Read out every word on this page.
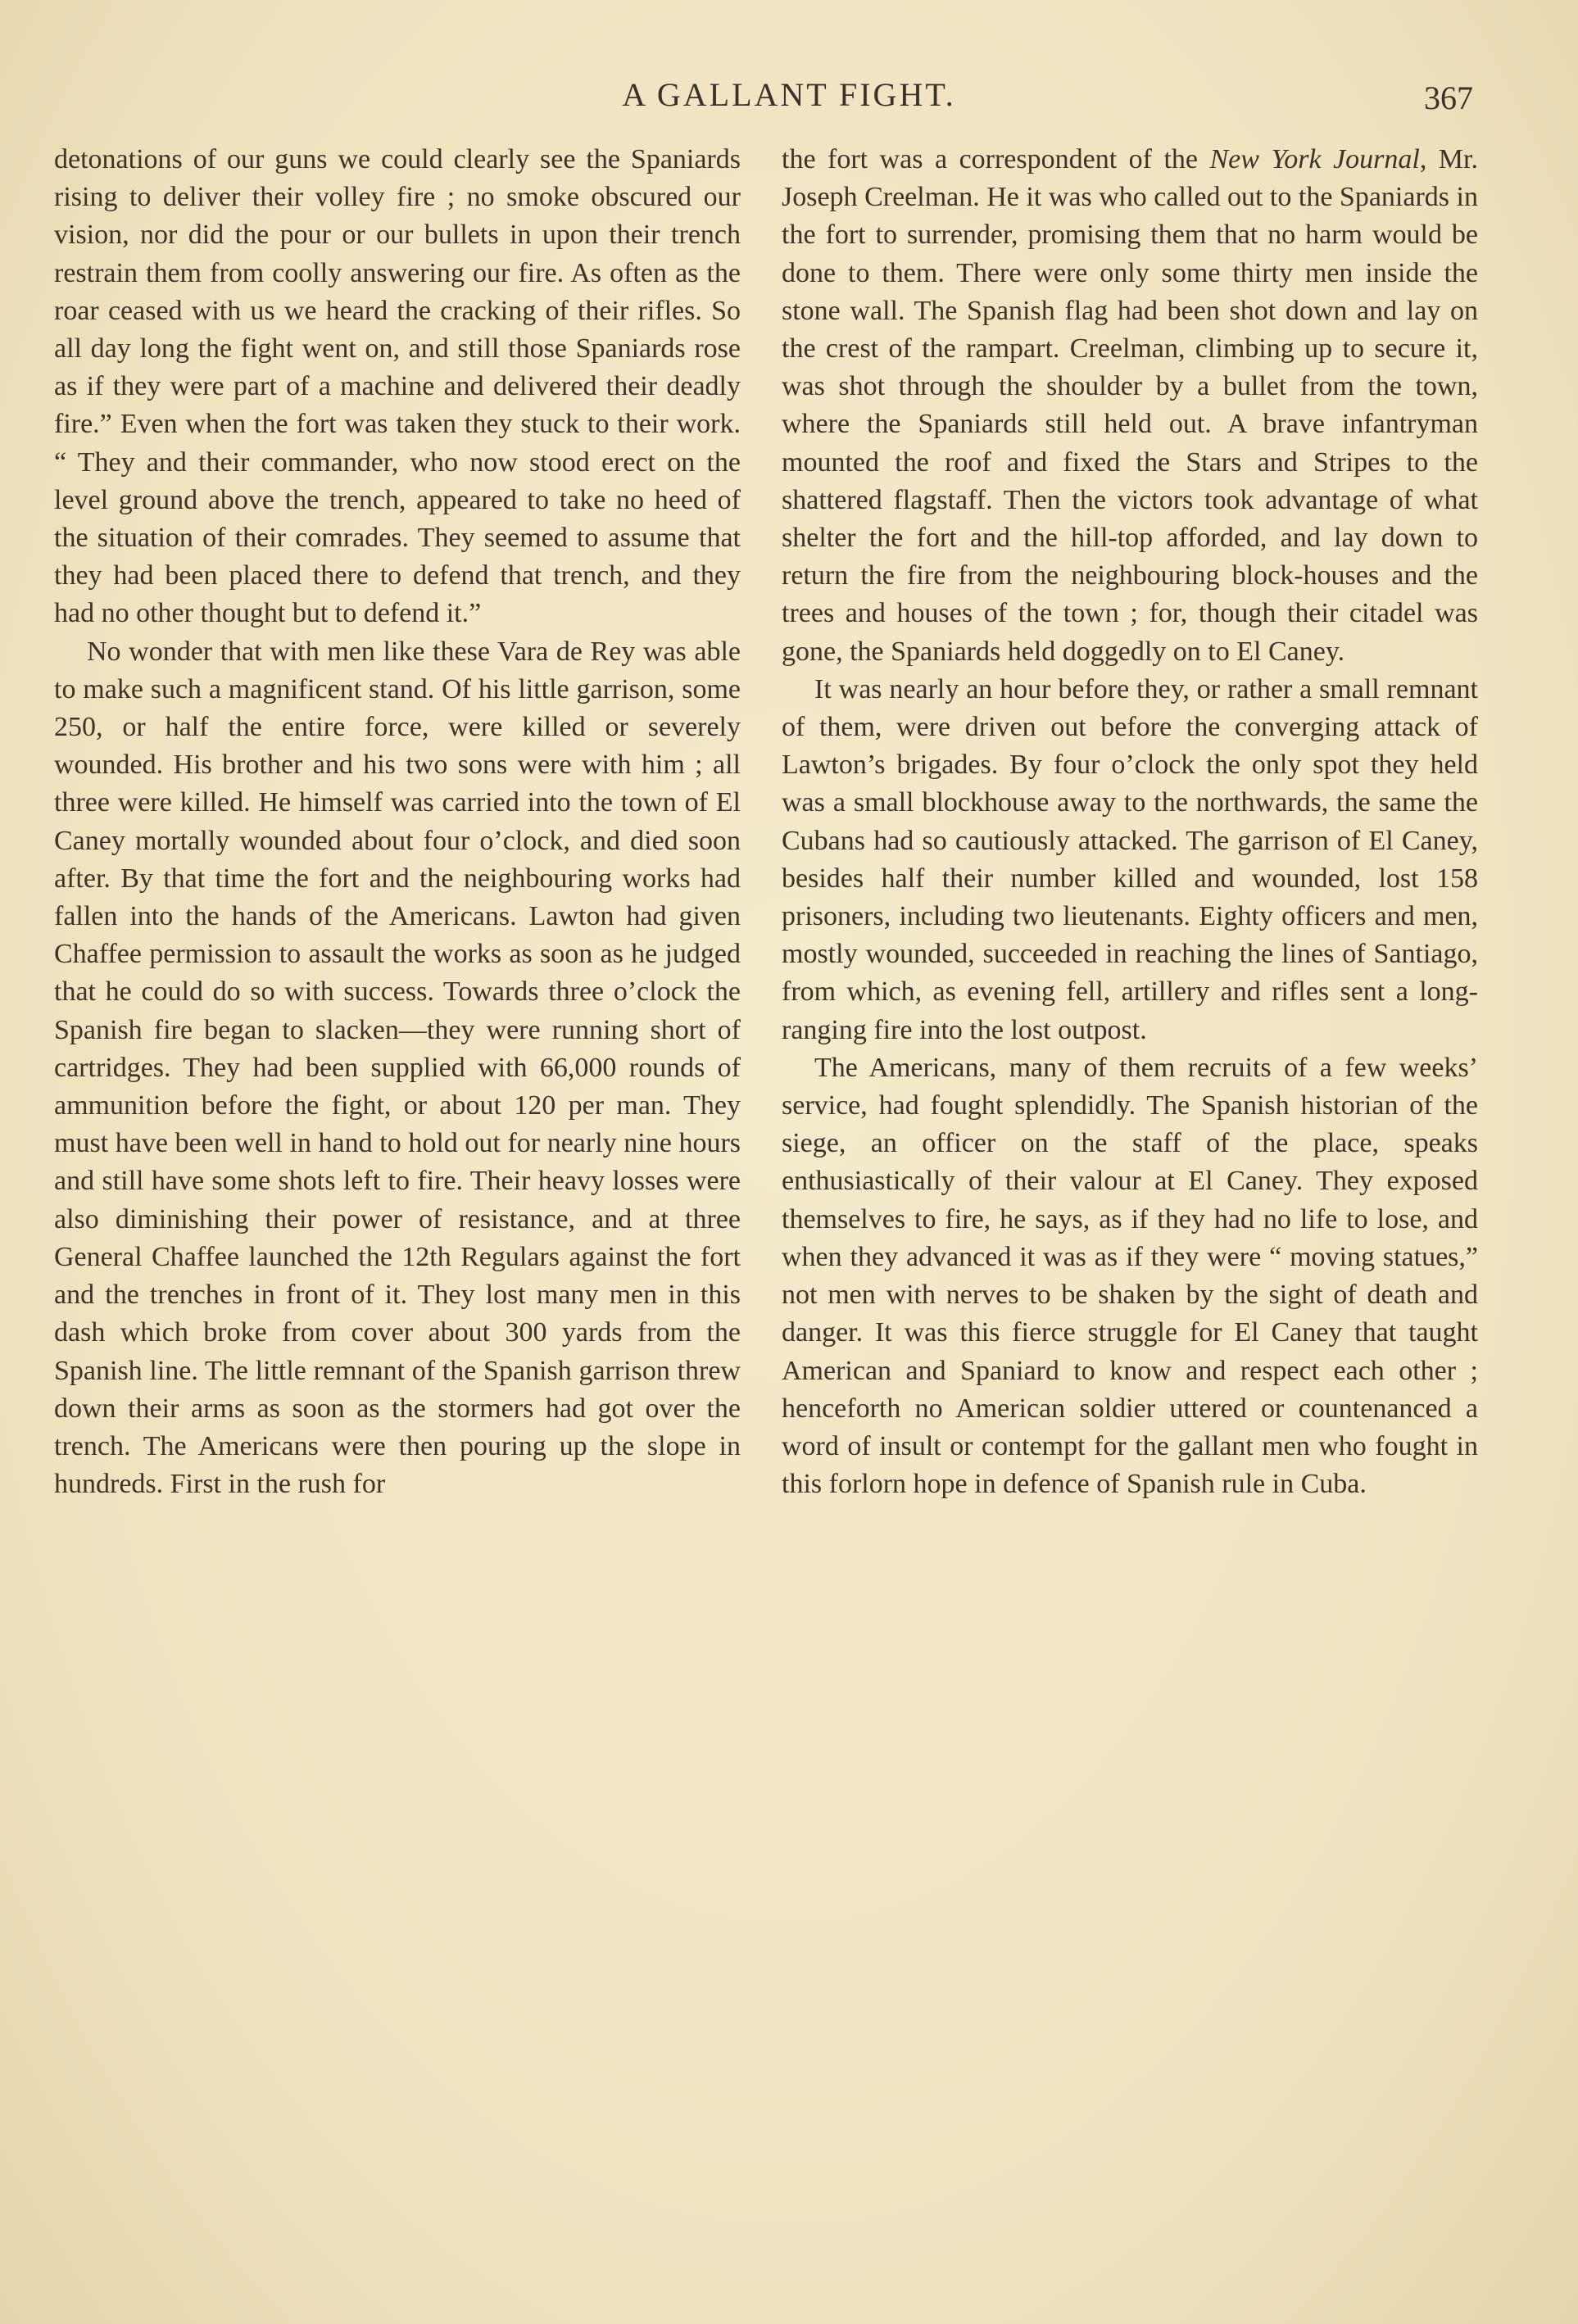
A GALLANT FIGHT.	367

detonations of our guns we could clearly see the Spaniards rising to deliver their volley fire ; no smoke obscured our vision, nor did the pour or our bullets in upon their trench restrain them from coolly answering our fire. As often as the roar ceased with us we heard the cracking of their rifles. So all day long the fight went on, and still those Spaniards rose as if they were part of a machine and delivered their deadly fire.” Even when the fort was taken they stuck to their work. “ They and their commander, who now stood erect on the level ground above the trench, appeared to take no heed of the situation of their comrades. They seemed to assume that they had been placed there to defend that trench, and they had no other thought but to defend it.”

No wonder that with men like these Vara de Rey was able to make such a magnificent stand. Of his little garrison, some 250, or half the entire force, were killed or severely wounded. His brother and his two sons were with him ; all three were killed. He himself was carried into the town of El Caney mortally wounded about four o’clock, and died soon after. By that time the fort and the neighbouring works had fallen into the hands of the Americans. Lawton had given Chaffee permission to assault the works as soon as he judged that he could do so with success. Towards three o’clock the Spanish fire began to slacken—they were running short of cartridges. They had been supplied with 66,000 rounds of ammunition before the fight, or about 120 per man. They must have been well in hand to hold out for nearly nine hours and still have some shots left to fire. Their heavy losses were also diminishing their power of resistance, and at three General Chaffee launched the 12th Regulars against the fort and the trenches in front of it. They lost many men in this dash which broke from cover about 300 yards from the Spanish line. The little remnant of the Spanish garrison threw down their arms as soon as the stormers had got over the trench. The Americans were then pouring up the slope in hundreds. First in the rush for

the fort was a correspondent of the New York Journal, Mr. Joseph Creelman. He it was who called out to the Spaniards in the fort to surrender, promising them that no harm would be done to them. There were only some thirty men inside the stone wall. The Spanish flag had been shot down and lay on the crest of the rampart. Creelman, climbing up to secure it, was shot through the shoulder by a bullet from the town, where the Spaniards still held out. A brave infantryman mounted the roof and fixed the Stars and Stripes to the shattered flagstaff. Then the victors took advantage of what shelter the fort and the hill-top afforded, and lay down to return the fire from the neighbouring block-houses and the trees and houses of the town ; for, though their citadel was gone, the Spaniards held doggedly on to El Caney.

It was nearly an hour before they, or rather a small remnant of them, were driven out before the converging attack of Lawton’s brigades. By four o’clock the only spot they held was a small blockhouse away to the northwards, the same the Cubans had so cautiously attacked. The garrison of El Caney, besides half their number killed and wounded, lost 158 prisoners, including two lieutenants. Eighty officers and men, mostly wounded, succeeded in reaching the lines of Santiago, from which, as evening fell, artillery and rifles sent a long-ranging fire into the lost outpost.

The Americans, many of them recruits of a few weeks’ service, had fought splendidly. The Spanish historian of the siege, an officer on the staff of the place, speaks enthusiastically of their valour at El Caney. They exposed themselves to fire, he says, as if they had no life to lose, and when they advanced it was as if they were “ moving statues,” not men with nerves to be shaken by the sight of death and danger. It was this fierce struggle for El Caney that taught American and Spaniard to know and respect each other ; henceforth no American soldier uttered or countenanced a word of insult or contempt for the gallant men who fought in this forlorn hope in defence of Spanish rule in Cuba.
